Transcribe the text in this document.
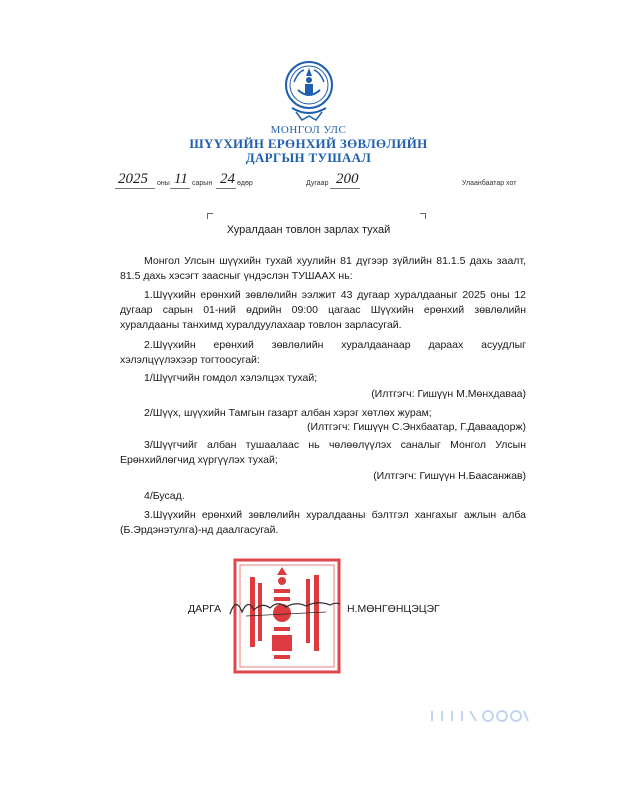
МОНГОЛ УЛС
ШҮҮХИЙН ЕРӨНХИЙ ЗӨВЛӨЛИЙН
ДАРГЫН ТУШААЛ
2025 оны 11 сарын 24 өдөр	Дугаар 200	Улаанбаатар хот
Хуралдаан товлон зарлах тухай
Монгол Улсын шүүхийн тухай хуулийн 81 дүгээр зүйлийн 81.1.5 дахь заалт, 81.5 дахь хэсэгт заасныг үндэслэн ТУШААХ нь:
1.Шүүхийн ерөнхий зөвлөлийн ээлжит 43 дугаар хуралдааныг 2025 оны 12 дугаар сарын 01-ний өдрийн 09:00 цагаас Шүүхийн ерөнхий зөвлөлийн хуралдааны танхимд хуралдуулахаар товлон зарласугай.
2.Шүүхийн ерөнхий зөвлөлийн хуралдаанаар дараах асуудлыг хэлэлцүүлэхээр тогтоосугай:
1/Шүүгчийн гомдол хэлэлцэх тухай;
(Илтгэгч: Гишүүн М.Мөнхдаваа)
2/Шүүх, шүүхийн Тамгын газарт албан хэрэг хөтлөх журам;
(Илтгэгч: Гишүүн С.Энхбаатар, Г.Даваадорж)
3/Шүүгчийг албан тушаалаас нь чөлөөлүүлэх саналыг Монгол Улсын Ерөнхийлөгчид хүргүүлэх тухай;
(Илтгэгч: Гишүүн Н.Баасанжав)
4/Бусад.
3.Шүүхийн ерөнхий зөвлөлийн хуралдааны бэлтгэл хангахыг ажлын алба (Б.Эрдэнэтулга)-нд даалгасугай.
ДАРГА	Н.МӨНГӨНЦЭЦЭГ
